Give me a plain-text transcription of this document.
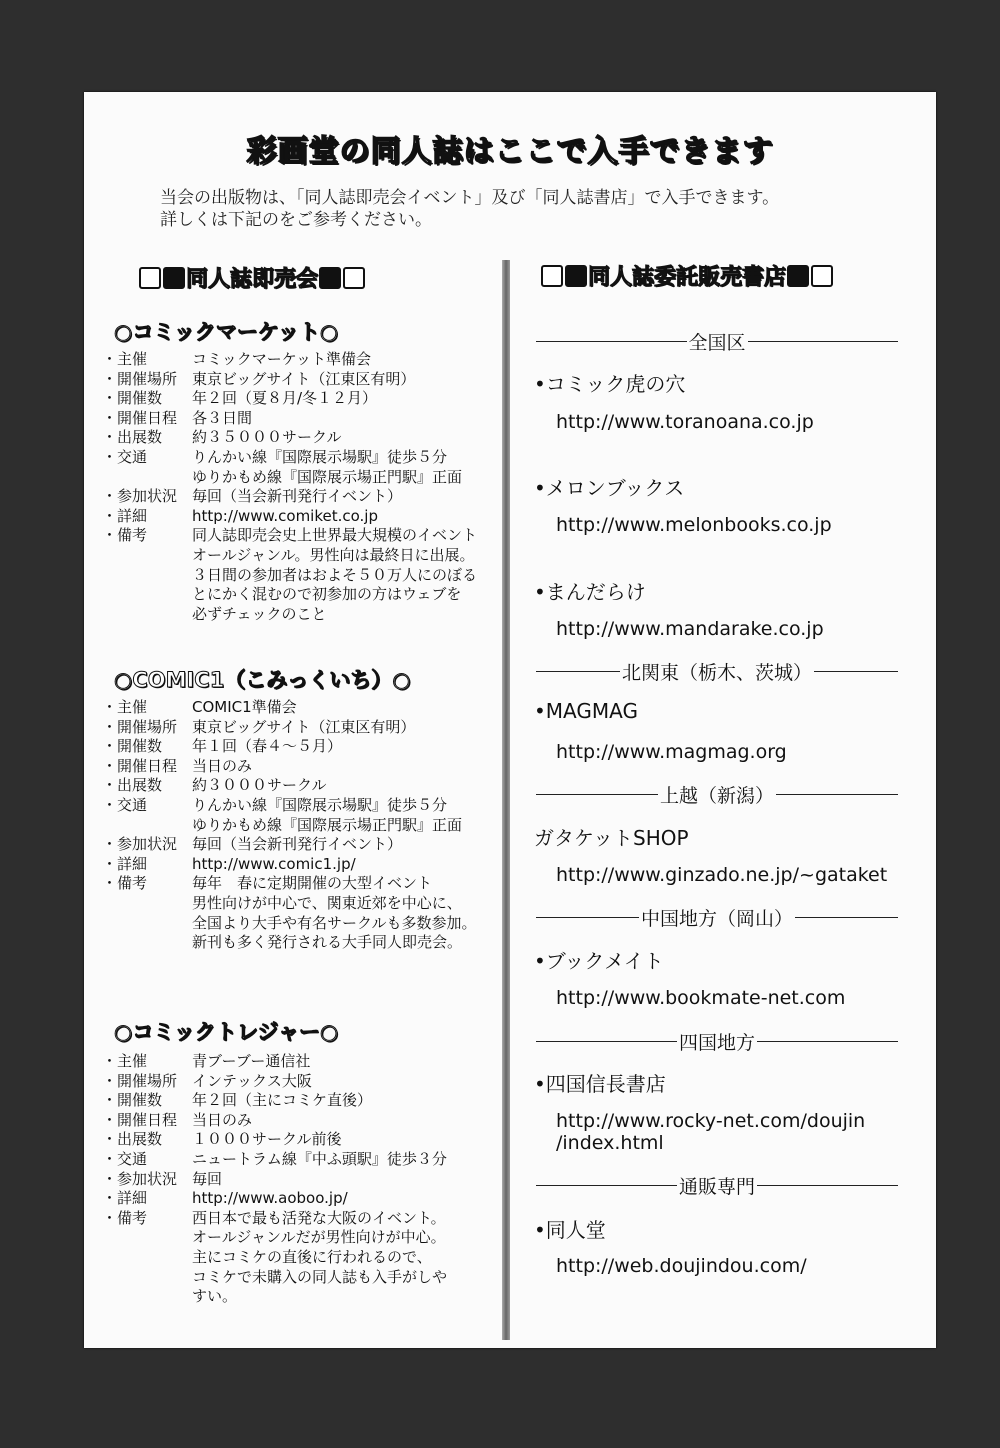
彩画堂の同人誌はここで入手できます
当会の出版物は、「同人誌即売会イベント」及び「同人誌書店」で入手できます。
詳しくは下記のをご参考ください。
同人誌即売会	同人誌委託販売書店
○コミックマーケット○
・主催	コミックマーケット準備会
・開催場所 東京ビッグサイト（江東区有明）
・開催数	年２回（夏８月/冬１２月）
・開催日程 各３日間
・出展数	約３５０００サークル
・交通	りんかい線『国際展示場駅』徒歩５分
ゆりかもめ線『国際展示場正門駅』正面
・参加状況 毎回（当会新刊発行イベント）
・詳細	http://www.comiket.co.jp
・備考	同人誌即売会史上世界最大規模のイベント
オールジャンル。男性向は最終日に出展。
３日間の参加者はおよそ５０万人にのぼる
とにかく混むので初参加の方はウェブを
必ずチェックのこと
○COMIC1（こみっくいち）○
・主催	COMIC1準備会
・開催場所 東京ビッグサイト（江東区有明）
・開催数	年１回（春４～５月）
・開催日程 当日のみ
・出展数	約３０００サークル
・交通	りんかい線『国際展示場駅』徒歩５分
ゆりかもめ線『国際展示場正門駅』正面
・参加状況 毎回（当会新刊発行イベント）
・詳細	http://www.comic1.jp/
・備考	毎年　春に定期開催の大型イベント
男性向けが中心で、関東近郊を中心に、
全国より大手や有名サークルも多数参加。
新刊も多く発行される大手同人即売会。
○コミックトレジャー○
・主催	青ブーブー通信社
・開催場所 インテックス大阪
・開催数	年２回（主にコミケ直後）
・開催日程 当日のみ
・出展数	１０００サークル前後
・交通	ニュートラム線『中ふ頭駅』徒歩３分
・参加状況 毎回
・詳細	http://www.aoboo.jp/
・備考	西日本で最も活発な大阪のイベント。
オールジャンルだが男性向けが中心。
主にコミケの直後に行われるので、
コミケで未購入の同人誌も入手がしや
すい。
全国区
•コミック虎の穴
http://www.toranoana.co.jp
•メロンブックス
http://www.melonbooks.co.jp
•まんだらけ
http://www.mandarake.co.jp
北関東（栃木、茨城）
•MAGMAG
http://www.magmag.org
上越（新潟）
ガタケットSHOP
http://www.ginzado.ne.jp/~gataket
中国地方（岡山）
•ブックメイト
http://www.bookmate-net.com
四国地方
•四国信長書店
http://www.rocky-net.com/doujin
/index.html
通販専門
•同人堂
http://web.doujindou.com/
